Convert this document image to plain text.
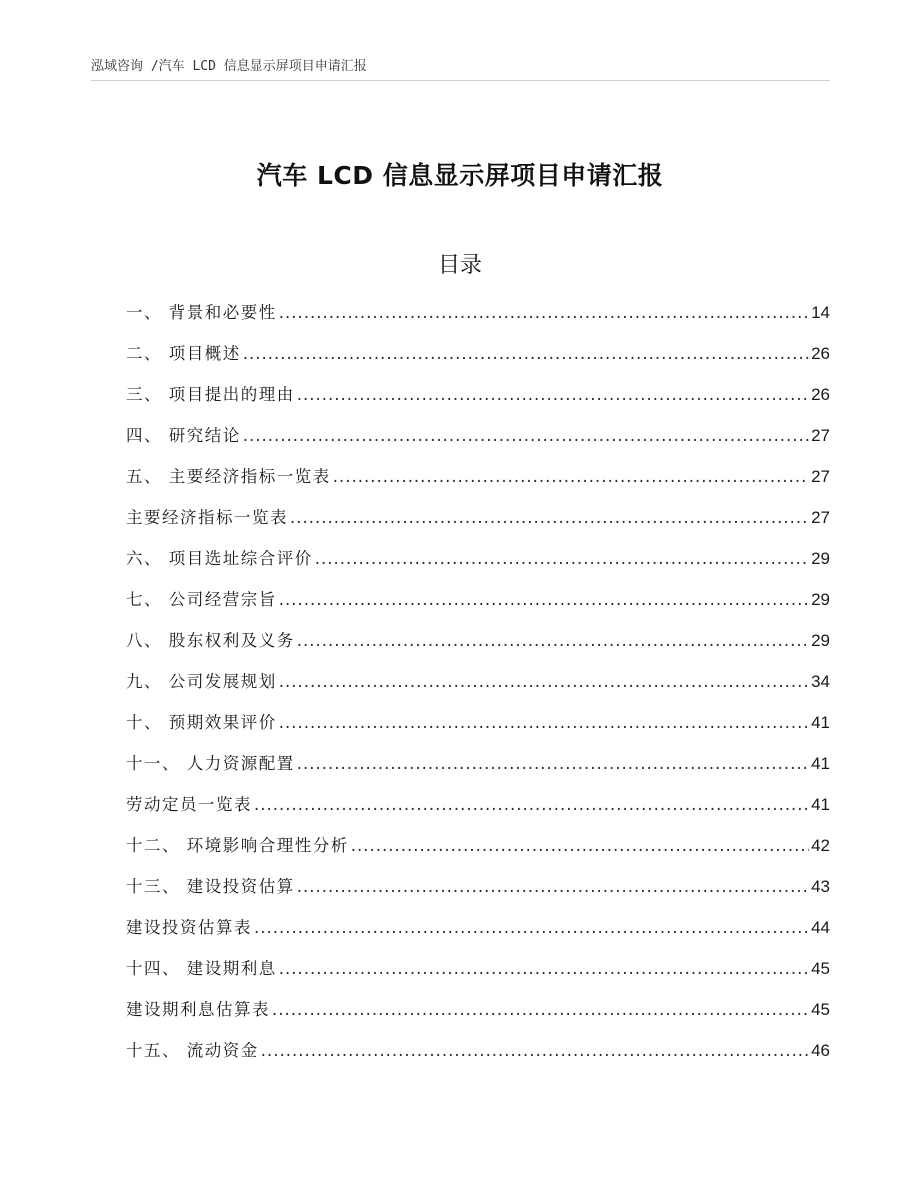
泓域咨询 /汽车 LCD 信息显示屏项目申请汇报
汽车 LCD 信息显示屏项目申请汇报
目录
一、 背景和必要性 .....	14
二、 项目概述 .....	26
三、 项目提出的理由 .....	26
四、 研究结论 .....	27
五、 主要经济指标一览表 .....	27
主要经济指标一览表 .....	27
六、 项目选址综合评价 .....	29
七、 公司经营宗旨 .....	29
八、 股东权利及义务 .....	29
九、 公司发展规划 .....	34
十、 预期效果评价 .....	41
十一、 人力资源配置 .....	41
劳动定员一览表 .....	41
十二、 环境影响合理性分析 .....	42
十三、 建设投资估算 .....	43
建设投资估算表 .....	44
十四、 建设期利息 .....	45
建设期利息估算表 .....	45
十五、 流动资金 .....	46
